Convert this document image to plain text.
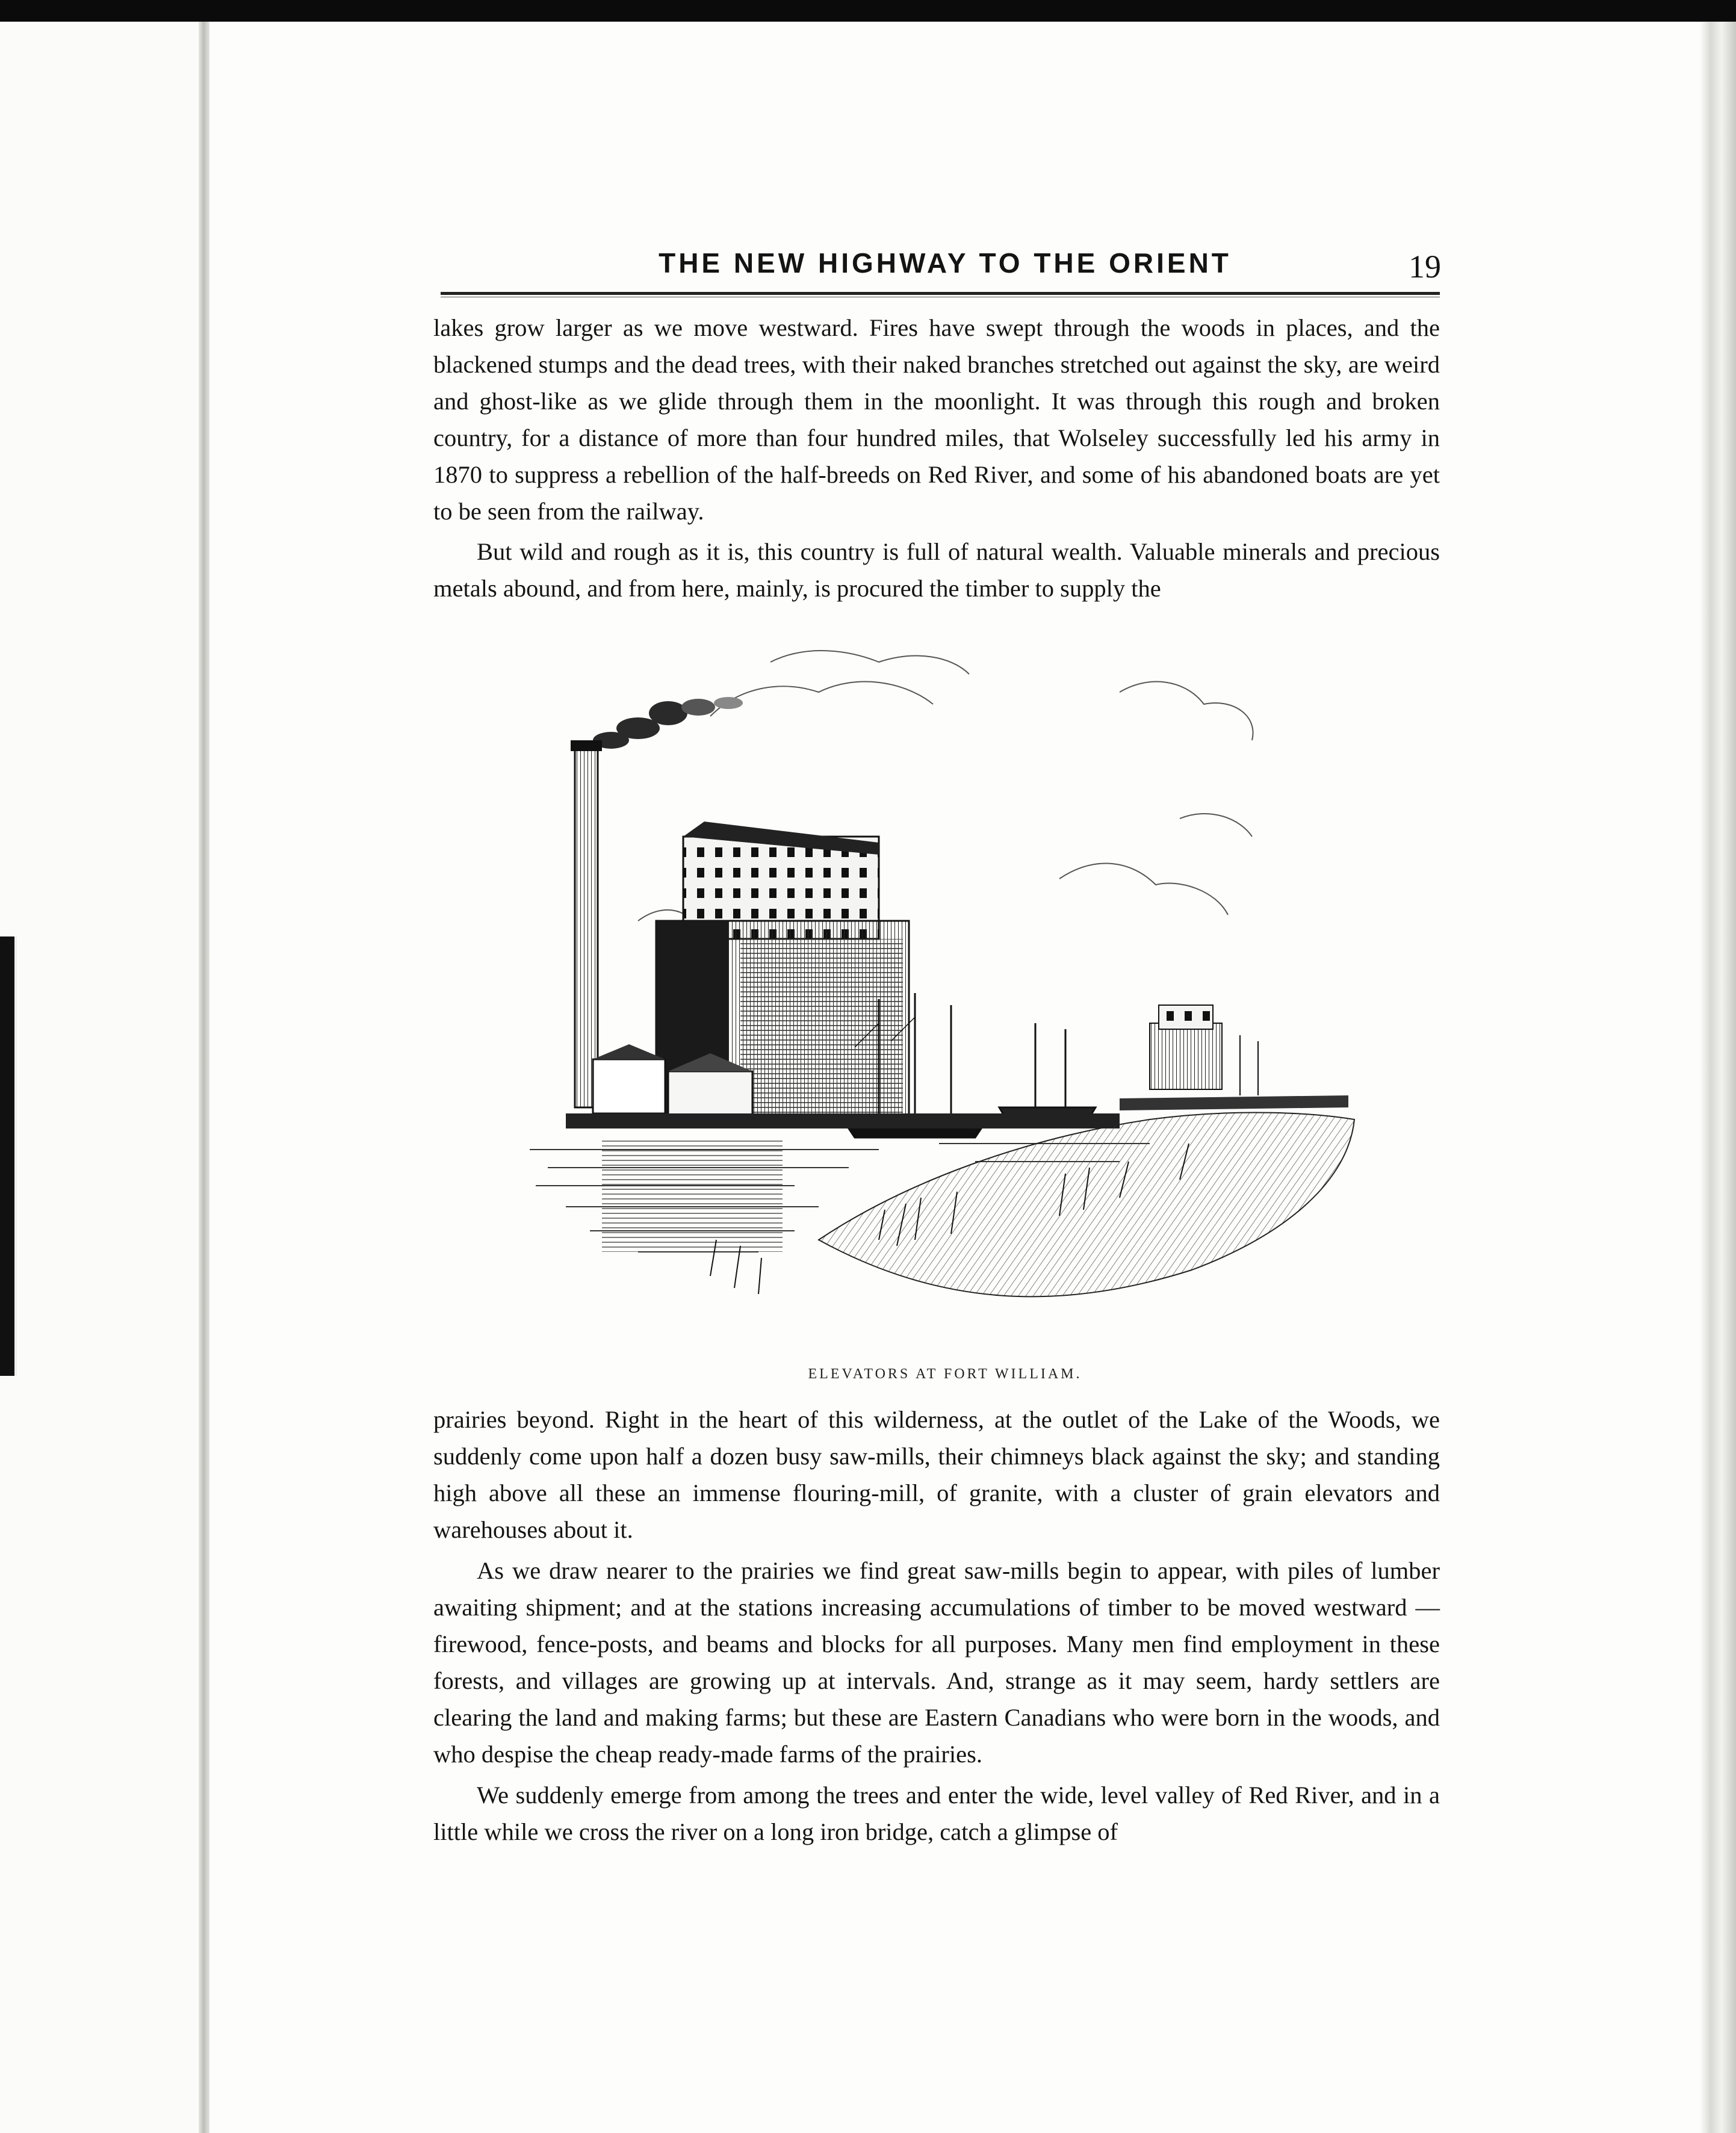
THE NEW HIGHWAY TO THE ORIENT	19

lakes grow larger as we move westward. Fires have swept through the woods in places, and the blackened stumps and the dead trees, with their naked branches stretched out against the sky, are weird and ghost-like as we glide through them in the moonlight. It was through this rough and broken country, for a distance of more than four hundred miles, that Wolseley successfully led his army in 1870 to suppress a rebellion of the half-breeds on Red River, and some of his abandoned boats are yet to be seen from the railway.

But wild and rough as it is, this country is full of natural wealth. Valuable minerals and precious metals abound, and from here, mainly, is procured the timber to supply the

ELEVATORS AT FORT WILLIAM.

prairies beyond. Right in the heart of this wilderness, at the outlet of the Lake of the Woods, we suddenly come upon half a dozen busy saw-mills, their chimneys black against the sky; and standing high above all these an immense flouring-mill, of granite, with a cluster of grain elevators and warehouses about it.

As we draw nearer to the prairies we find great saw-mills begin to appear, with piles of lumber awaiting shipment; and at the stations increasing accumulations of timber to be moved westward — firewood, fence-posts, and beams and blocks for all purposes. Many men find employment in these forests, and villages are growing up at intervals. And, strange as it may seem, hardy settlers are clearing the land and making farms; but these are Eastern Canadians who were born in the woods, and who despise the cheap ready-made farms of the prairies.

We suddenly emerge from among the trees and enter the wide, level valley of Red River, and in a little while we cross the river on a long iron bridge, catch a glimpse of
